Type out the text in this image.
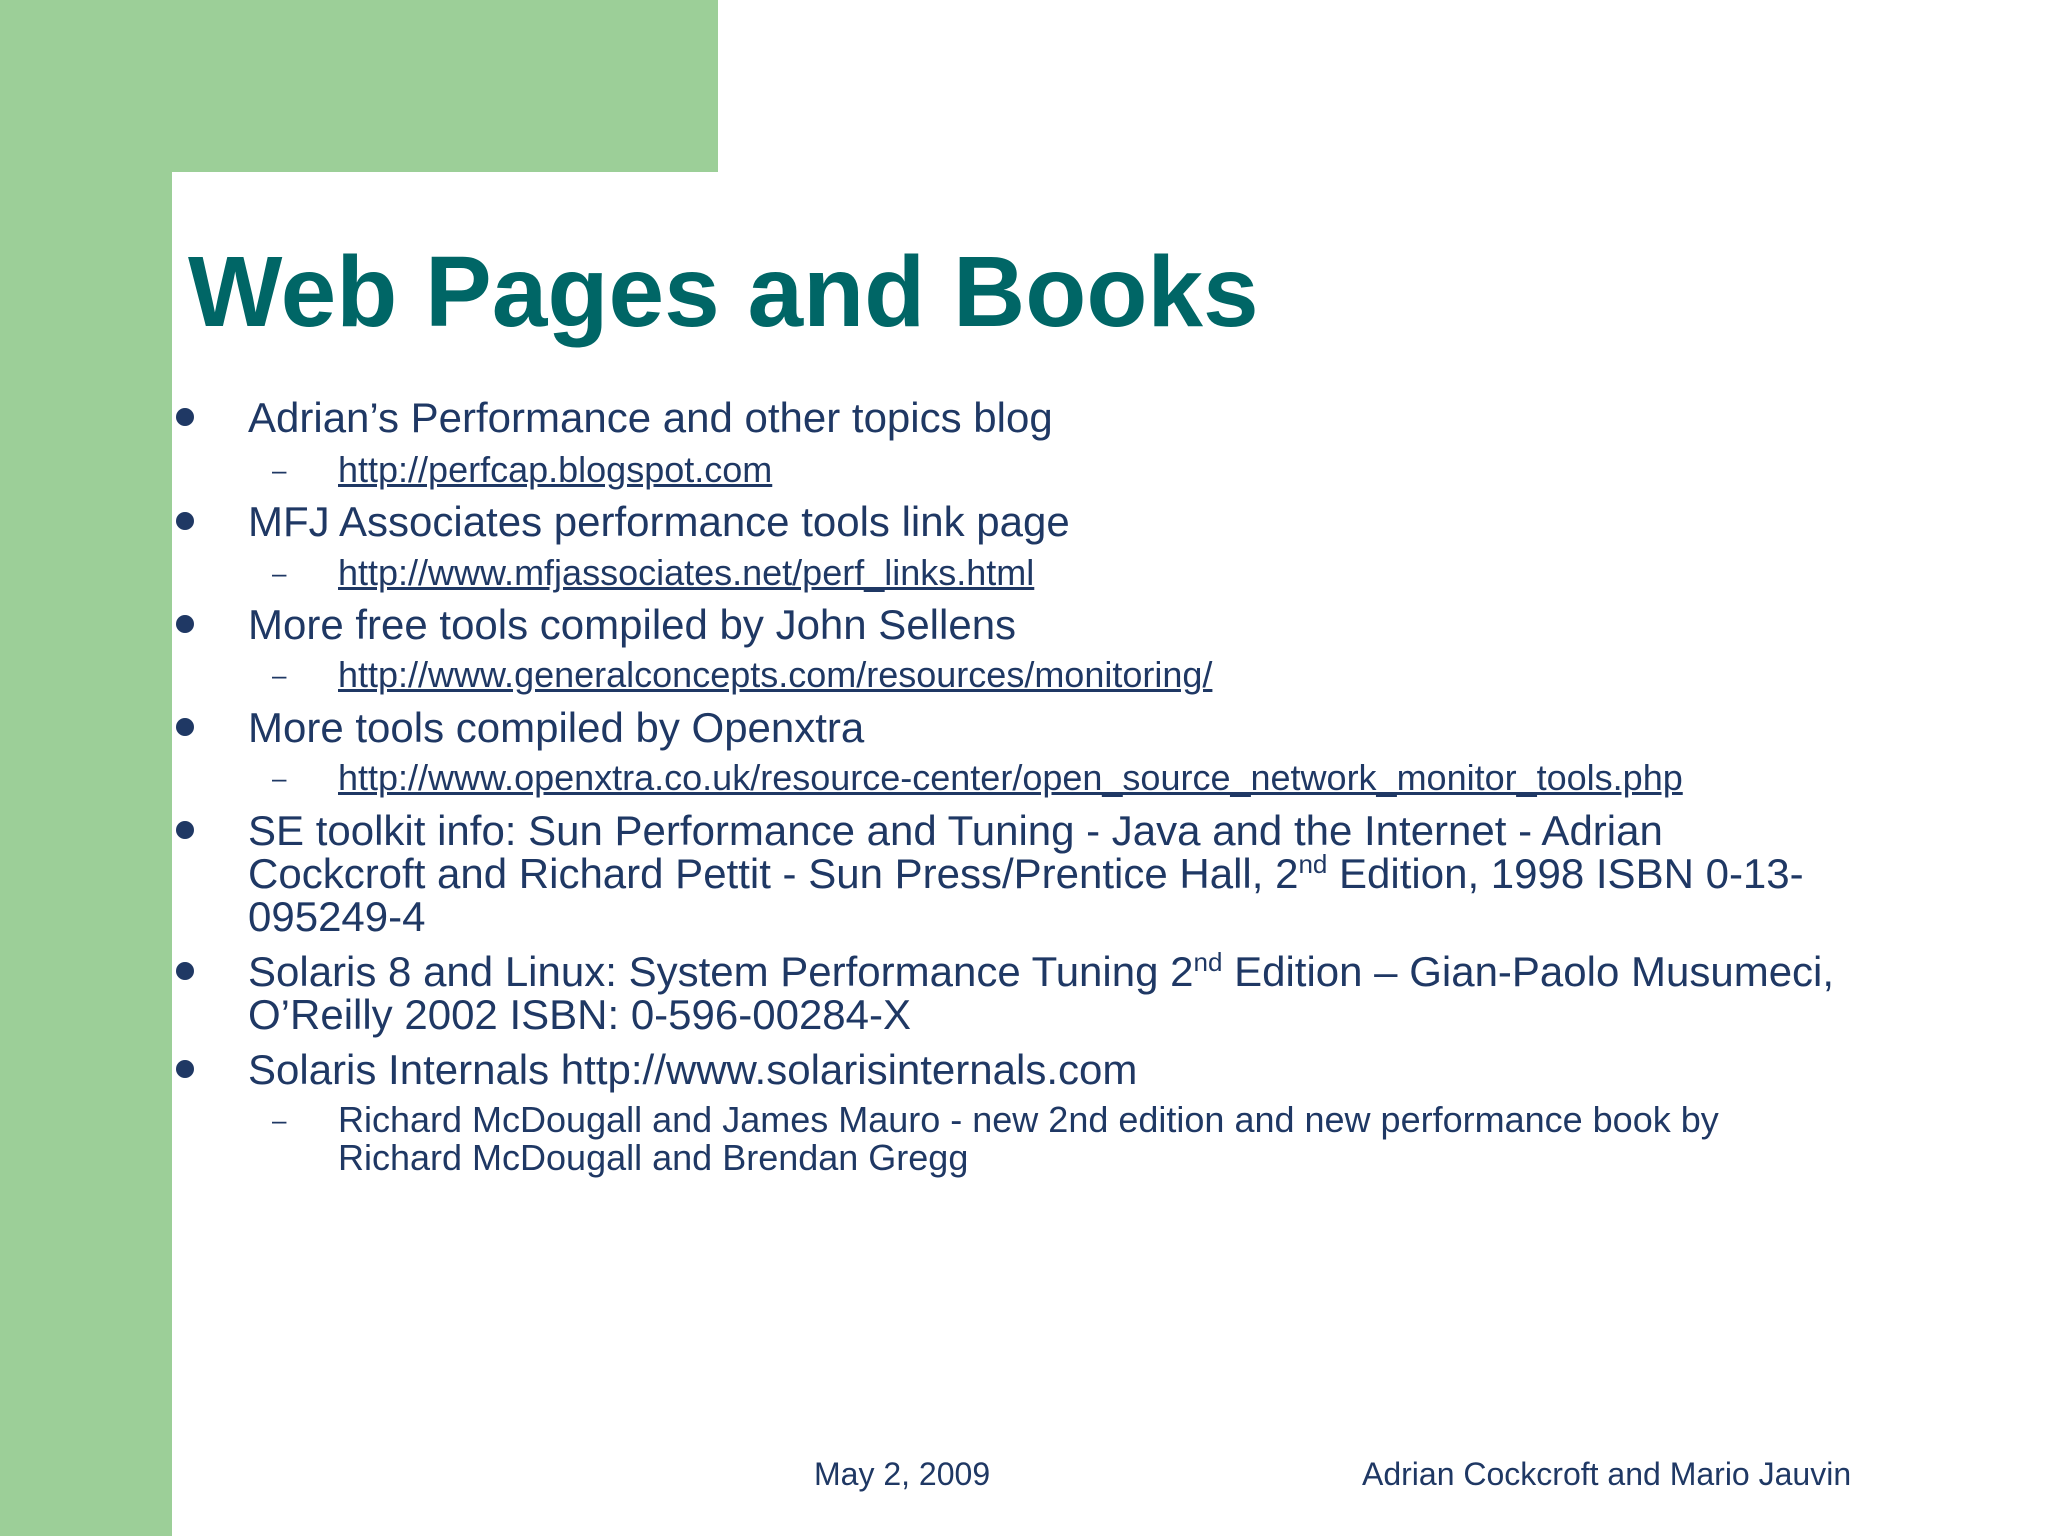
Web Pages and Books
Adrian’s Performance and other topics blog
– http://perfcap.blogspot.com
MFJ Associates performance tools link page
– http://www.mfjassociates.net/perf_links.html
More free tools compiled by John Sellens
– http://www.generalconcepts.com/resources/monitoring/
More tools compiled by Openxtra
– http://www.openxtra.co.uk/resource-center/open_source_network_monitor_tools.php
SE toolkit info: Sun Performance and Tuning - Java and the Internet - Adrian
Cockcroft and Richard Pettit - Sun Press/Prentice Hall, 2nd Edition, 1998 ISBN 0-13-
095249-4
Solaris 8 and Linux: System Performance Tuning 2nd Edition – Gian-Paolo Musumeci,
O’Reilly 2002 ISBN: 0-596-00284-X
Solaris Internals http://www.solarisinternals.com
– Richard McDougall and James Mauro - new 2nd edition and new performance book by
Richard McDougall and Brendan Gregg
May 2, 2009	Adrian Cockcroft and Mario Jauvin
